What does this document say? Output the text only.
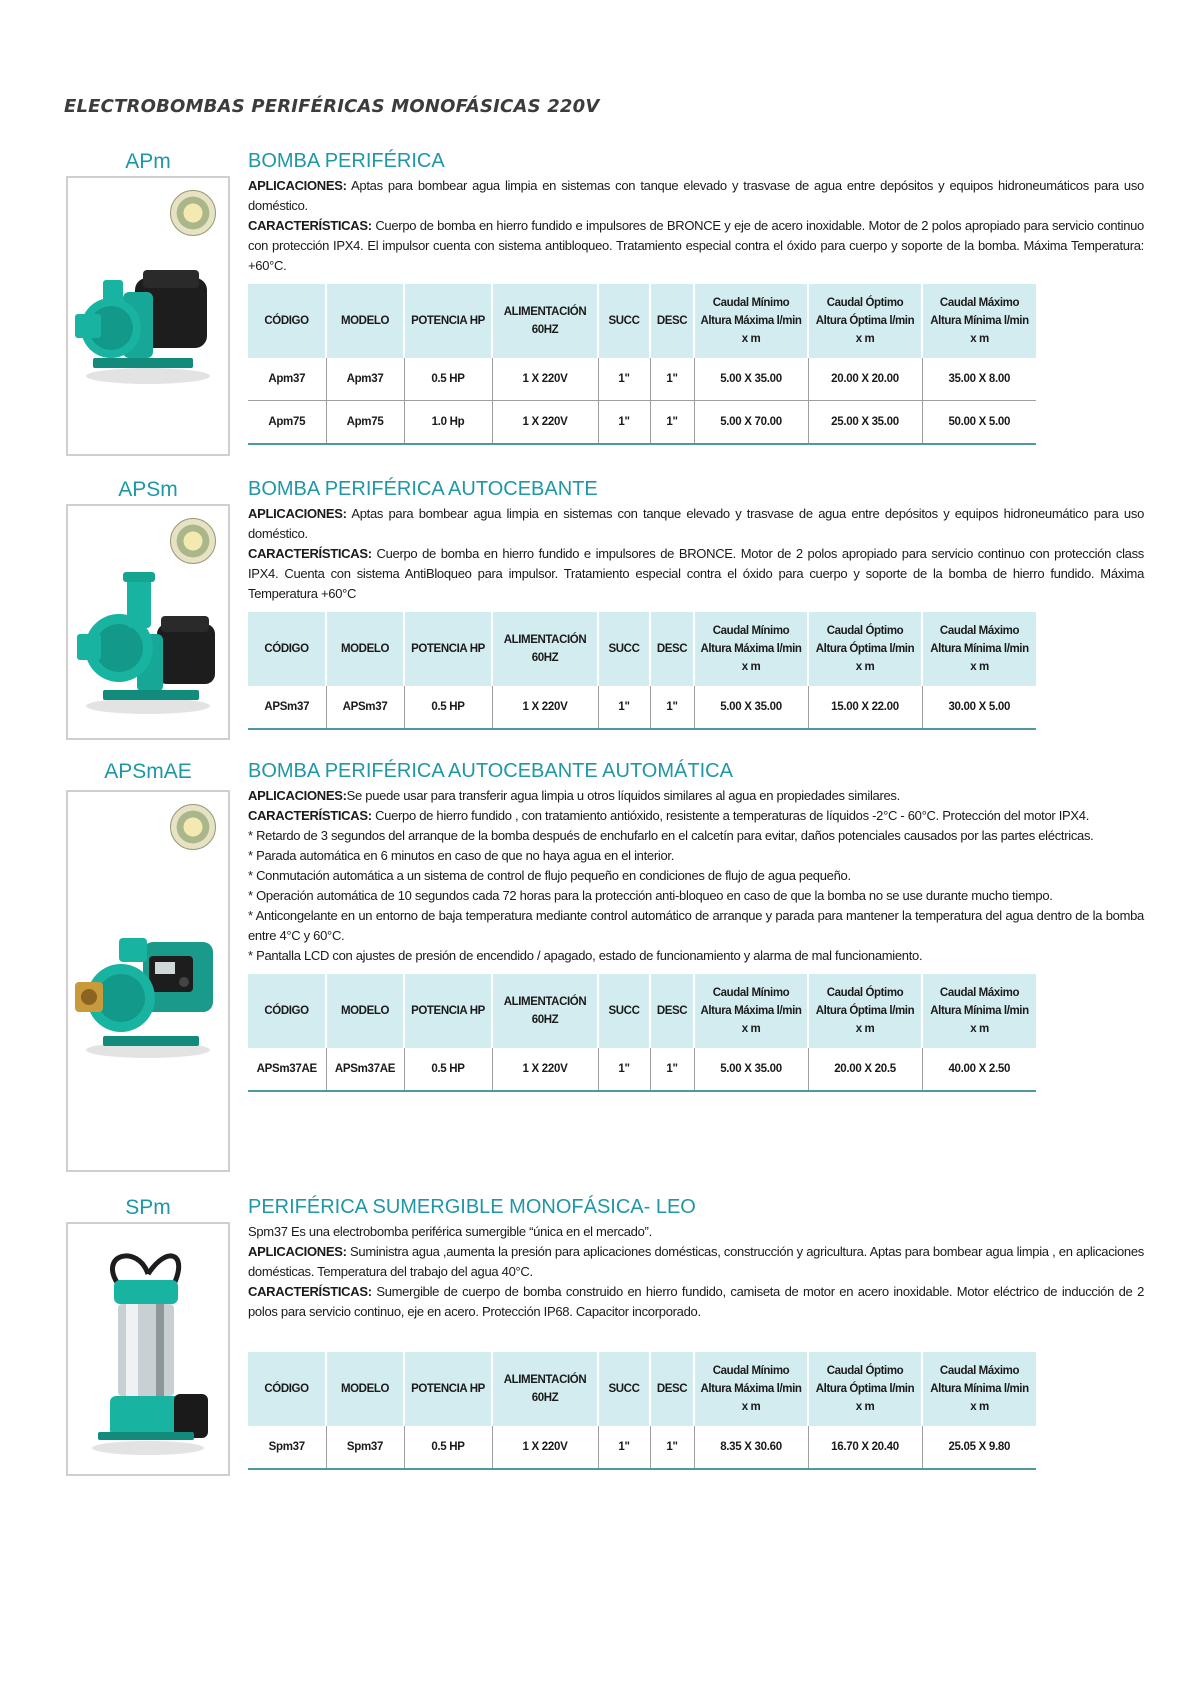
ELECTROBOMBAS PERIFÉRICAS MONOFÁSICAS 220V
APm	BOMBA PERIFÉRICA

APLICACIONES: Aptas para bombear agua limpia en sistemas con tanque elevado y trasvase de agua entre depósitos y equipos hidroneumáticos para uso doméstico.

CARACTERÍSTICAS: Cuerpo de bomba en hierro fundido e impulsores de BRONCE y eje de acero inoxidable. Motor de 2 polos apropiado para servicio continuo con protección IPX4. El impulsor cuenta con sistema antibloqueo. Tratamiento especial contra el óxido para cuerpo y soporte de la bomba. Máxima Temperatura: +60°C.

CÓDIGO	MODELO	POTENCIA HP	ALIMENTACIÓN 60HZ	SUCC	DESC	Caudal Mínimo Altura Máxima l/min x m	Caudal Óptimo Altura Óptima l/min x m	Caudal Máximo Altura Mínima l/min x m
Apm37	Apm37	0.5 HP	1 X 220V	1"	1"	5.00 X 35.00	20.00 X 20.00	35.00 X 8.00
Apm75	Apm75	1.0 Hp	1 X 220V	1"	1"	5.00 X 70.00	25.00 X 35.00	50.00 X 5.00
APSm	BOMBA PERIFÉRICA AUTOCEBANTE

APLICACIONES: Aptas para bombear agua limpia en sistemas con tanque elevado y trasvase de agua entre depósitos y equipos hidroneumático para uso doméstico.

CARACTERÍSTICAS: Cuerpo de bomba en hierro fundido e impulsores de BRONCE. Motor de 2 polos apropiado para servicio continuo con protección class IPX4. Cuenta con sistema AntiBloqueo para impulsor. Tratamiento especial contra el óxido para cuerpo y soporte de la bomba de hierro fundido. Máxima Temperatura +60°C

CÓDIGO	MODELO	POTENCIA HP	ALIMENTACIÓN 60HZ	SUCC	DESC	Caudal Mínimo Altura Máxima l/min x m	Caudal Óptimo Altura Óptima l/min x m	Caudal Máximo Altura Mínima l/min x m
APSm37	APSm37	0.5 HP	1 X 220V	1"	1"	5.00 X 35.00	15.00 X 22.00	30.00 X 5.00
APSmAE	BOMBA PERIFÉRICA AUTOCEBANTE AUTOMÁTICA

APLICACIONES:Se puede usar para transferir agua limpia u otros líquidos similares al agua en propiedades similares.

CARACTERÍSTICAS: Cuerpo de hierro fundido , con tratamiento antióxido, resistente a temperaturas de líquidos -2°C - 60°C. Protección del motor IPX4.

* Retardo de 3 segundos del arranque de la bomba después de enchufarlo en el calcetín para evitar, daños potenciales causados por las partes eléctricas.

* Parada automática en 6 minutos en caso de que no haya agua en el interior.

* Conmutación automática a un sistema de control de flujo pequeño en condiciones de flujo de agua pequeño.

* Operación automática de 10 segundos cada 72 horas para la protección anti-bloqueo en caso de que la bomba no se use durante mucho tiempo.

* Anticongelante en un entorno de baja temperatura mediante control automático de arranque y parada para mantener la temperatura del agua dentro de la bomba entre 4°C y 60°C.

* Pantalla LCD con ajustes de presión de encendido / apagado, estado de funcionamiento y alarma de mal funcionamiento.

CÓDIGO	MODELO	POTENCIA HP	ALIMENTACIÓN 60HZ	SUCC	DESC	Caudal Mínimo Altura Máxima l/min x m	Caudal Óptimo Altura Óptima l/min x m	Caudal Máximo Altura Mínima l/min x m
APSm37AE	APSm37AE	0.5 HP	1 X 220V	1"	1"	5.00 X 35.00	20.00 X 20.5	40.00 X 2.50
SPm	PERIFÉRICA SUMERGIBLE MONOFÁSICA- LEO

Spm37 Es una electrobomba periférica sumergible “única en el mercado”.

APLICACIONES: Suministra agua ,aumenta la presión para aplicaciones domésticas, construcción y agricultura. Aptas para bombear agua limpia , en aplicaciones domésticas. Temperatura del trabajo del agua 40°C.

CARACTERÍSTICAS: Sumergible de cuerpo de bomba construido en hierro fundido, camiseta de motor en acero inoxidable. Motor eléctrico de inducción de 2 polos para servicio continuo, eje en acero. Protección IP68. Capacitor incorporado.

CÓDIGO	MODELO	POTENCIA HP	ALIMENTACIÓN 60HZ	SUCC	DESC	Caudal Mínimo Altura Máxima l/min x m	Caudal Óptimo Altura Óptima l/min x m	Caudal Máximo Altura Mínima l/min x m
Spm37	Spm37	0.5 HP	1 X 220V	1"	1"	8.35 X 30.60	16.70 X 20.40	25.05 X 9.80
